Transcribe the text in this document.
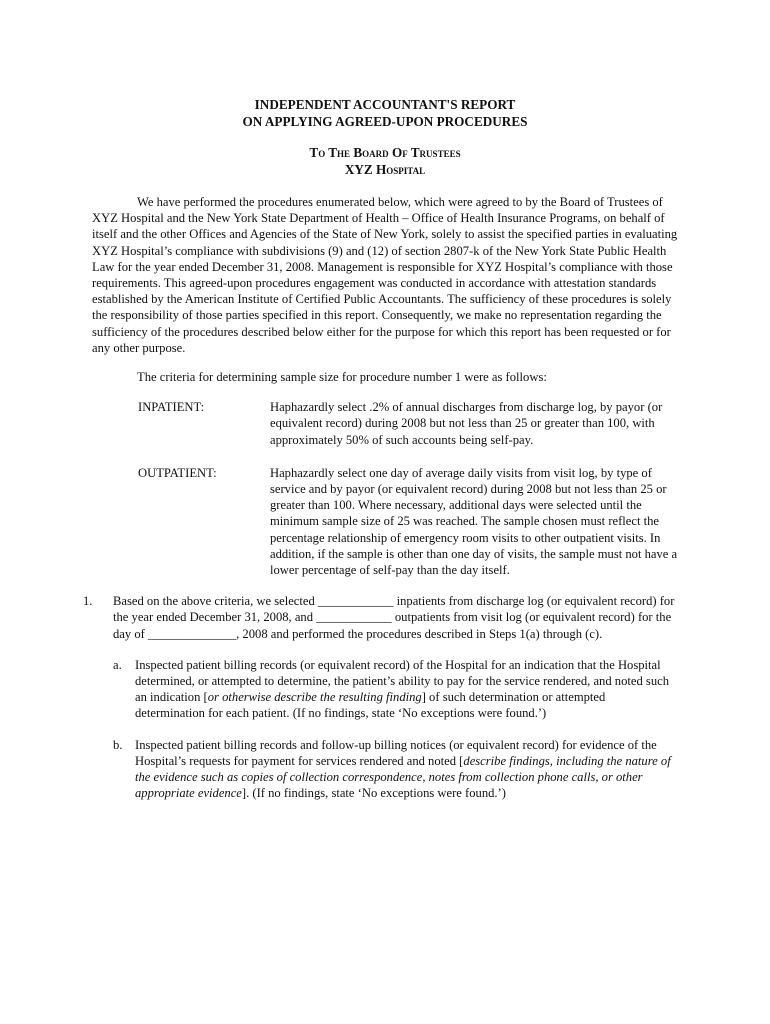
INDEPENDENT ACCOUNTANT'S REPORT
ON APPLYING AGREED-UPON PROCEDURES
To The Board Of Trustees
XYZ Hospital

We have performed the procedures enumerated below, which were agreed to by the Board of Trustees of XYZ Hospital and the New York State Department of Health – Office of Health Insurance Programs, on behalf of itself and the other Offices and Agencies of the State of New York, solely to assist the specified parties in evaluating XYZ Hospital’s compliance with subdivisions (9) and (12) of section 2807-k of the New York State Public Health Law for the year ended December 31, 2008. Management is responsible for XYZ Hospital’s compliance with those requirements. This agreed-upon procedures engagement was conducted in accordance with attestation standards established by the American Institute of Certified Public Accountants. The sufficiency of these procedures is solely the responsibility of those parties specified in this report. Consequently, we make no representation regarding the sufficiency of the procedures described below either for the purpose for which this report has been requested or for any other purpose.

The criteria for determining sample size for procedure number 1 were as follows:

INPATIENT:	Haphazardly select .2% of annual discharges from discharge log, by payor (or equivalent record) during 2008 but not less than 25 or greater than 100, with approximately 50% of such accounts being self-pay.
OUTPATIENT:	Haphazardly select one day of average daily visits from visit log, by type of service and by payor (or equivalent record) during 2008 but not less than 25 or greater than 100. Where necessary, additional days were selected until the minimum sample size of 25 was reached. The sample chosen must reflect the percentage relationship of emergency room visits to other outpatient visits. In addition, if the sample is other than one day of visits, the sample must not have a lower percentage of self-pay than the day itself.
1.	Based on the above criteria, we selected ____________ inpatients from discharge log (or equivalent record) for the year ended December 31, 2008, and ____________ outpatients from visit log (or equivalent record) for the day of ______________, 2008 and performed the procedures described in Steps 1(a) through (c).
a.	Inspected patient billing records (or equivalent record) of the Hospital for an indication that the Hospital determined, or attempted to determine, the patient’s ability to pay for the service rendered, and noted such an indication [or otherwise describe the resulting finding] of such determination or attempted determination for each patient. (If no findings, state ‘No exceptions were found.’)
b. Inspected patient billing records and follow-up billing notices (or equivalent record) for evidence of the Hospital’s requests for payment for services rendered and noted [describe findings, including the nature of the evidence such as copies of collection correspondence, notes from collection phone calls, or other appropriate evidence]. (If no findings, state ‘No exceptions were found.’)
